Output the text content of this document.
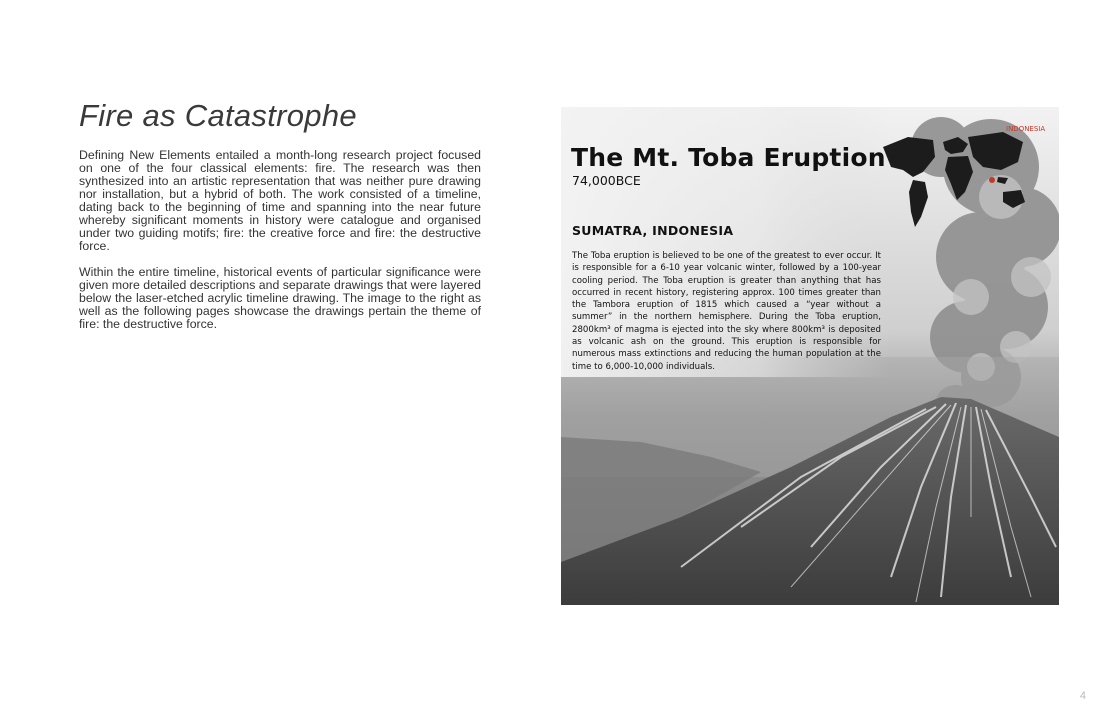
Fire as Catastrophe

Defining New Elements entailed a month-long research project focused on one of the four classical elements: fire. The research was then synthesized into an artistic representation that was neither pure drawing nor installation, but a hybrid of both. The work consisted of a timeline, dating back to the beginning of time and spanning into the near future whereby significant moments in history were catalogue and organised under two guiding motifs; fire: the creative force and fire: the destructive force.

Within the entire timeline, historical events of particular significance were given more detailed descriptions and separate drawings that were layered below the laser-etched acrylic timeline drawing. The image to the right as well as the following pages showcase the drawings pertain the theme of fire: the destructive force.

INDONESIA
The Mt. Toba Eruption
74,000BCE
SUMATRA, INDONESIA
The Toba eruption is believed to be one of the greatest to ever occur. It is responsible for a 6-10 year volcanic winter, followed by a 100-year cooling period. The Toba eruption is greater than anything that has occurred in recent history, registering approx. 100 times greater than the Tambora eruption of 1815 which caused a “year without a summer” in the northern hemisphere. During the Toba eruption, 2800km³ of magma is ejected into the sky where 800km³ is deposited as volcanic ash on the ground. This eruption is responsible for numerous mass extinctions and reducing the human population at the time to 6,000-10,000 individuals.
4
